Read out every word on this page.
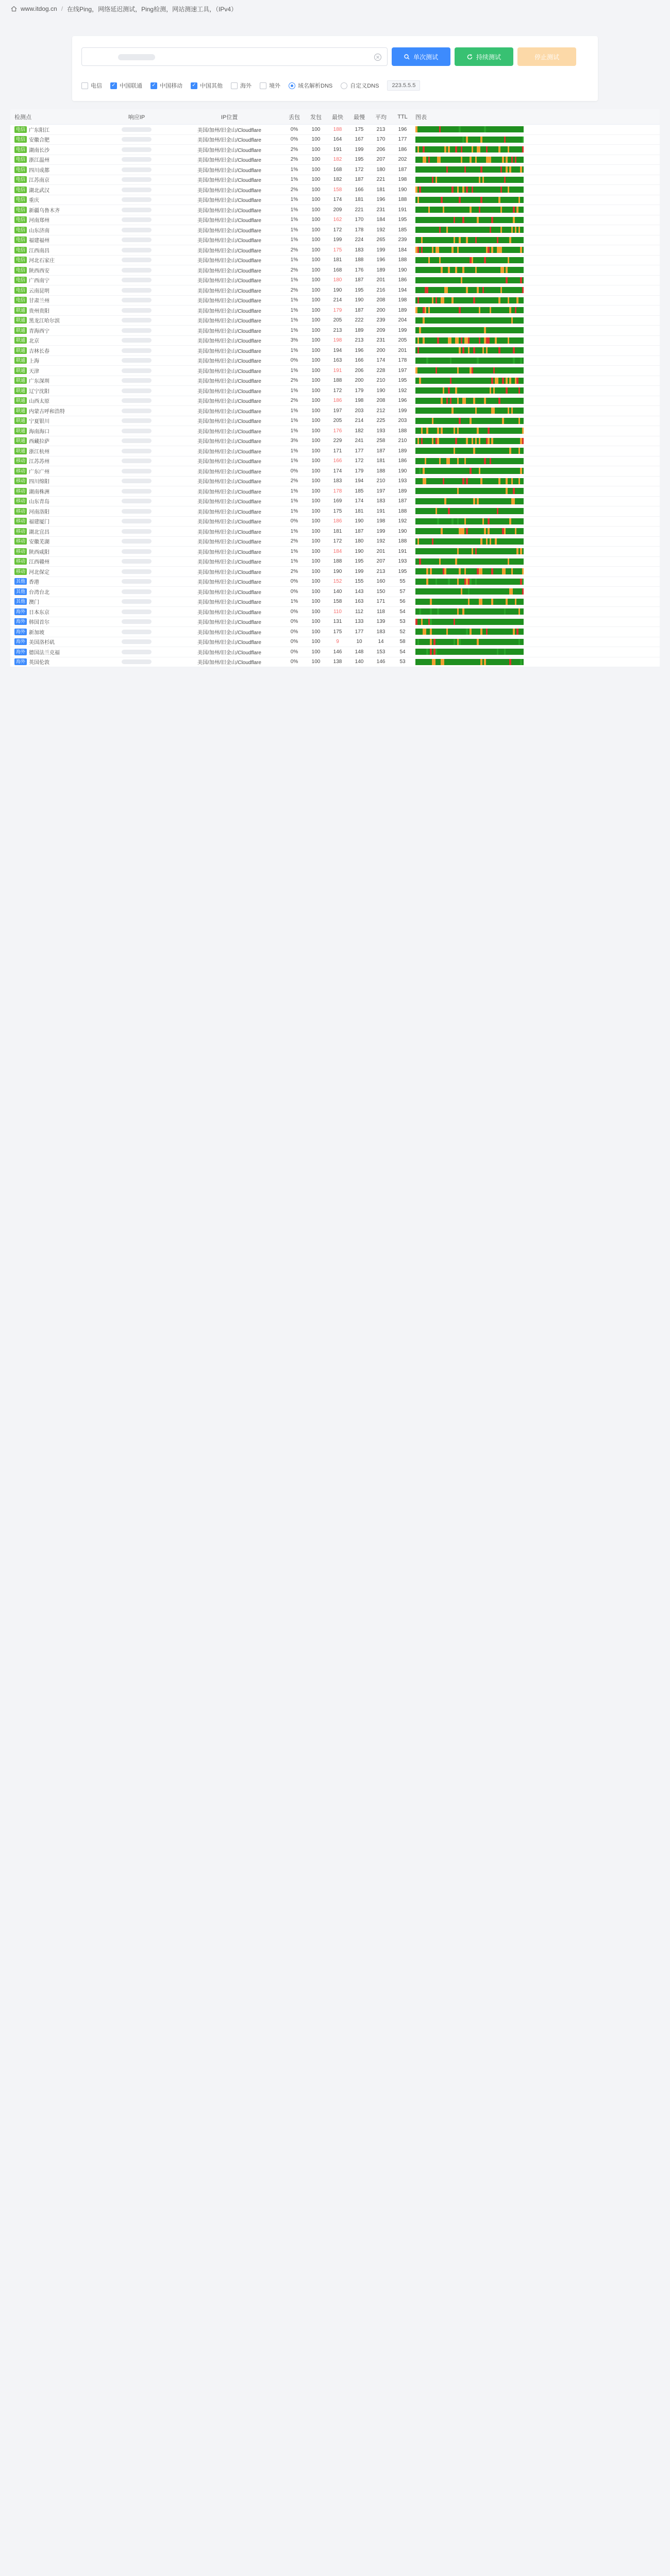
www.itdog.cn / 在线Ping，网络延迟测试，Ping检测，网站测速工具，（IPv4）
单次测试	持续测试	停止测试
电信 ✓ 中国联通 ✓ 中国移动 ✓ 中国其他	海外	境外	域名解析DNS	自定义DNS	223.5.5.5
检测点	响应IP	IP位置	丢包	发包	最快	最慢	平均	TTL	图表
电信 广东阳江	美国/加州/旧金山/Cloudflare	0%	100	188	175	213	196
电信 安徽合肥	美国/加州/旧金山/Cloudflare	0%	100	164	167	170	177
电信 湖南长沙	美国/加州/旧金山/Cloudflare	2%	100	191	199	206	186
电信 浙江温州	美国/加州/旧金山/Cloudflare	2%	100	182	195	207	202
电信 四川成都	美国/加州/旧金山/Cloudflare	1%	100	168	172	180	187
电信 江苏南京	美国/加州/旧金山/Cloudflare	1%	100	182	187	221	198
电信 湖北武汉	美国/加州/旧金山/Cloudflare	2%	100	158	166	181	190
电信 重庆	美国/加州/旧金山/Cloudflare	1%	100	174	181	196	188
电信 新疆乌鲁木齐	美国/加州/旧金山/Cloudflare	1%	100	209	221	231	191
电信 河南郑州	美国/加州/旧金山/Cloudflare	1%	100	162	170	184	195
电信 山东济南	美国/加州/旧金山/Cloudflare	1%	100	172	178	192	185
电信 福建福州	美国/加州/旧金山/Cloudflare	1%	100	199	224	265	239
电信 江西南昌	美国/加州/旧金山/Cloudflare	2%	100	175	183	199	184
电信 河北石家庄	美国/加州/旧金山/Cloudflare	1%	100	181	188	196	188
电信 陕西西安	美国/加州/旧金山/Cloudflare	2%	100	168	176	189	190
电信 广西南宁	美国/加州/旧金山/Cloudflare	1%	100	180	187	201	186
电信 云南昆明	美国/加州/旧金山/Cloudflare	2%	100	190	195	216	194
电信 甘肃兰州	美国/加州/旧金山/Cloudflare	1%	100	214	190	208	198
联通 贵州贵阳	美国/加州/旧金山/Cloudflare	1%	100	179	187	200	189
联通 黑龙江哈尔滨	美国/加州/旧金山/Cloudflare	1%	100	205	222	239	204
联通 青海西宁	美国/加州/旧金山/Cloudflare	1%	100	213	189	209	199
联通 北京	美国/加州/旧金山/Cloudflare	3%	100	198	213	231	205
联通 吉林长春	美国/加州/旧金山/Cloudflare	1%	100	194	196	200	201
联通 上海	美国/加州/旧金山/Cloudflare	0%	100	163	166	174	178
联通 天津	美国/加州/旧金山/Cloudflare	1%	100	191	206	228	197
联通 广东深圳	美国/加州/旧金山/Cloudflare	2%	100	188	200	210	195
联通 辽宁沈阳	美国/加州/旧金山/Cloudflare	1%	100	172	179	190	192
联通 山西太原	美国/加州/旧金山/Cloudflare	2%	100	186	198	208	196
联通 内蒙古呼和浩特	美国/加州/旧金山/Cloudflare	1%	100	197	203	212	199
联通 宁夏银川	美国/加州/旧金山/Cloudflare	1%	100	205	214	225	203
联通 海南海口	美国/加州/旧金山/Cloudflare	1%	100	176	182	193	188
联通 西藏拉萨	美国/加州/旧金山/Cloudflare	3%	100	229	241	258	210
联通 浙江杭州	美国/加州/旧金山/Cloudflare	1%	100	171	177	187	189
移动 江苏苏州	美国/加州/旧金山/Cloudflare	1%	100	166	172	181	186
移动 广东广州	美国/加州/旧金山/Cloudflare	0%	100	174	179	188	190
移动 四川绵阳	美国/加州/旧金山/Cloudflare	2%	100	183	194	210	193
移动 湖南株洲	美国/加州/旧金山/Cloudflare	1%	100	178	185	197	189
移动 山东青岛	美国/加州/旧金山/Cloudflare	1%	100	169	174	183	187
移动 河南洛阳	美国/加州/旧金山/Cloudflare	1%	100	175	181	191	188
移动 福建厦门	美国/加州/旧金山/Cloudflare	0%	100	186	190	198	192
移动 湖北宜昌	美国/加州/旧金山/Cloudflare	1%	100	181	187	199	190
移动 安徽芜湖	美国/加州/旧金山/Cloudflare	2%	100	172	180	192	188
移动 陕西咸阳	美国/加州/旧金山/Cloudflare	1%	100	184	190	201	191
移动 江西赣州	美国/加州/旧金山/Cloudflare	1%	100	188	195	207	193
移动 河北保定	美国/加州/旧金山/Cloudflare	2%	100	190	199	213	195
其他 香港	美国/加州/旧金山/Cloudflare	0%	100	152	155	160	55
其他 台湾台北	美国/加州/旧金山/Cloudflare	0%	100	140	143	150	57
其他 澳门	美国/加州/旧金山/Cloudflare	1%	100	158	163	171	56
海外 日本东京	美国/加州/旧金山/Cloudflare	0%	100	110	112	118	54
海外 韩国首尔	美国/加州/旧金山/Cloudflare	0%	100	131	133	139	53
海外 新加坡	美国/加州/旧金山/Cloudflare	0%	100	175	177	183	52
海外 美国洛杉矶	美国/加州/旧金山/Cloudflare	0%	100	9	10	14	58
海外 德国法兰克福	美国/加州/旧金山/Cloudflare	0%	100	146	148	153	54
海外 英国伦敦	美国/加州/旧金山/Cloudflare	0%	100	138	140	146	53
